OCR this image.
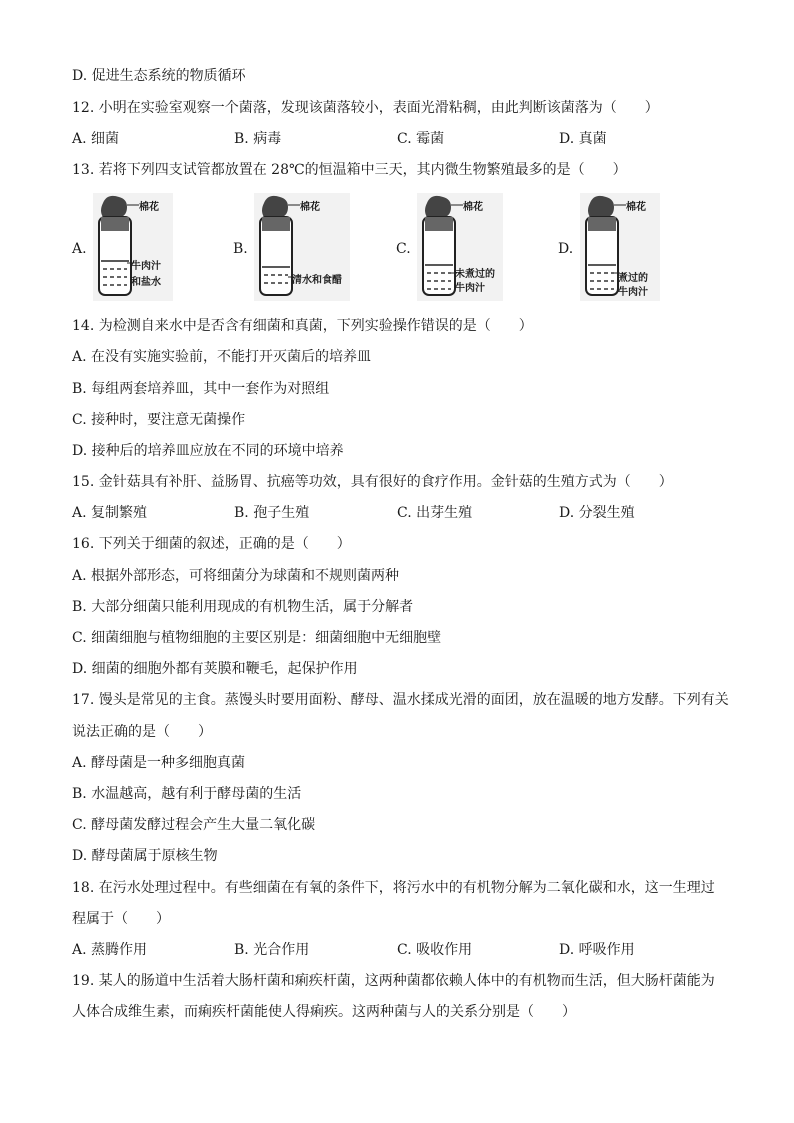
D. 促进生态系统的物质循环
12. 小明在实验室观察一个菌落，发现该菌落较小，表面光滑粘稠，由此判断该菌落为（　　）
A. 细菌	B. 病毒	C. 霉菌	D. 真菌
13. 若将下列四支试管都放置在 28℃的恒温箱中三天，其内微生物繁殖最多的是（　　）
A.
棉花
牛肉汁
和盐水
B.
棉花
清水和食醋
C.
棉花
未煮过的
牛肉汁
D.
棉花
煮过的
牛肉汁
14. 为检测自来水中是否含有细菌和真菌，下列实验操作错误的是（　　）
A. 在没有实施实验前，不能打开灭菌后的培养皿
B. 每组两套培养皿，其中一套作为对照组
C. 接种时，要注意无菌操作
D. 接种后的培养皿应放在不同的环境中培养
15. 金针菇具有补肝、益肠胃、抗癌等功效，具有很好的食疗作用。金针菇的生殖方式为（　　）
A. 复制繁殖	B. 孢子生殖	C. 出芽生殖	D. 分裂生殖
16. 下列关于细菌的叙述，正确的是（　　）
A. 根据外部形态，可将细菌分为球菌和不规则菌两种
B. 大部分细菌只能利用现成的有机物生活，属于分解者
C. 细菌细胞与植物细胞的主要区别是：细菌细胞中无细胞壁
D. 细菌的细胞外都有荚膜和鞭毛，起保护作用
17. 馒头是常见的主食。蒸馒头时要用面粉、酵母、温水揉成光滑的面团，放在温暖的地方发酵。下列有关
说法正确的是（　　）
A. 酵母菌是一种多细胞真菌
B. 水温越高，越有利于酵母菌的生活
C. 酵母菌发酵过程会产生大量二氧化碳
D. 酵母菌属于原核生物
18. 在污水处理过程中。有些细菌在有氧的条件下，将污水中的有机物分解为二氧化碳和水，这一生理过
程属于（　　）
A. 蒸腾作用	B. 光合作用	C. 吸收作用	D. 呼吸作用
19. 某人的肠道中生活着大肠杆菌和痢疾杆菌，这两种菌都依赖人体中的有机物而生活，但大肠杆菌能为
人体合成维生素，而痢疾杆菌能使人得痢疾。这两种菌与人的关系分别是（　　）
